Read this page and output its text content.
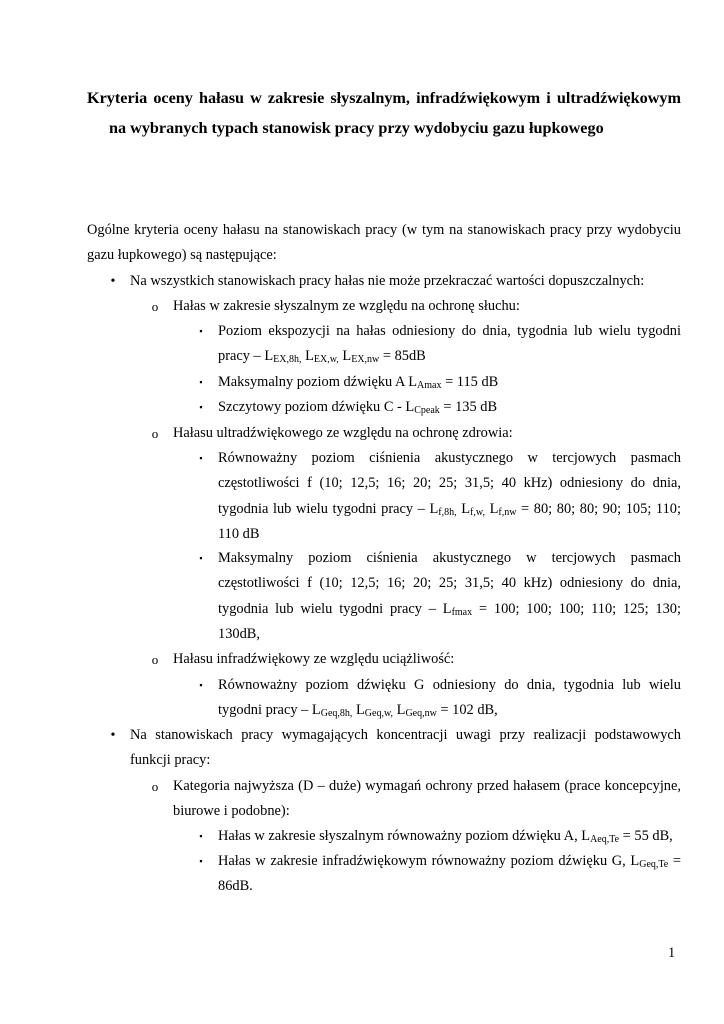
Kryteria oceny hałasu w zakresie słyszalnym, infradźwiękowym i ultradźwiękowym na wybranych typach stanowisk pracy przy wydobyciu gazu łupkowego
Ogólne kryteria oceny hałasu na stanowiskach pracy (w tym na stanowiskach pracy przy wydobyciu gazu łupkowego) są następujące:
•	Na wszystkich stanowiskach pracy hałas nie może przekraczać wartości dopuszczalnych:
o Hałas w zakresie słyszalnym ze względu na ochronę słuchu:
▪	Poziom ekspozycji na hałas odniesiony do dnia, tygodnia lub wielu tygodni pracy – $L_{EX,8h,}$ $L_{EX,w,}$ $L_{EX,nw} = 85dB$
▪	Maksymalny poziom dźwięku A $L_{Amax} = 115$ dB
▪	Szczytowy poziom dźwięku $C - L_{Cpeak} = 135$ dB
o Hałasu ultradźwiękowego ze względu na ochronę zdrowia:
▪	Równoważny poziom ciśnienia akustycznego w tercjowych pasmach częstotliwości f (10; 12,5; 16; 20; 25; 31,5; 40 kHz) odniesiony do dnia, tygodnia lub wielu tygodni pracy – $L_{f,8h,}$ $L_{f,w,}$ $L_{f,nw} = 80$; 80; 80; 90; 105; 110; 110 dB
▪	Maksymalny poziom ciśnienia akustycznego w tercjowych pasmach częstotliwości f (10; 12,5; 16; 20; 25; 31,5; 40 kHz) odniesiony do dnia, tygodnia lub wielu tygodni pracy – $L_{fmax} = 100$; 100; 100; 110; 125; 130; 130dB,
o Hałasu infradźwiękowy ze względu uciążliwość:
▪	Równoważny poziom dźwięku G odniesiony do dnia, tygodnia lub wielu tygodni pracy – $L_{Geq,8h,}$ $L_{Geq,w,}$ $L_{Geq,nw} = 102$ dB,
•	Na stanowiskach pracy wymagających koncentracji uwagi przy realizacji podstawowych funkcji pracy:
o Kategoria najwyższa (D – duże) wymagań ochrony przed hałasem (prace koncepcyjne, biurowe i podobne):
▪	Hałas w zakresie słyszalnym równoważny poziom dźwięku A, $L_{Aeq,Te} = 55$ dB,
▪	Hałas w zakresie infradźwiękowym równoważny poziom dźwięku G, $L_{Geq,Te} = 86dB$.
1
